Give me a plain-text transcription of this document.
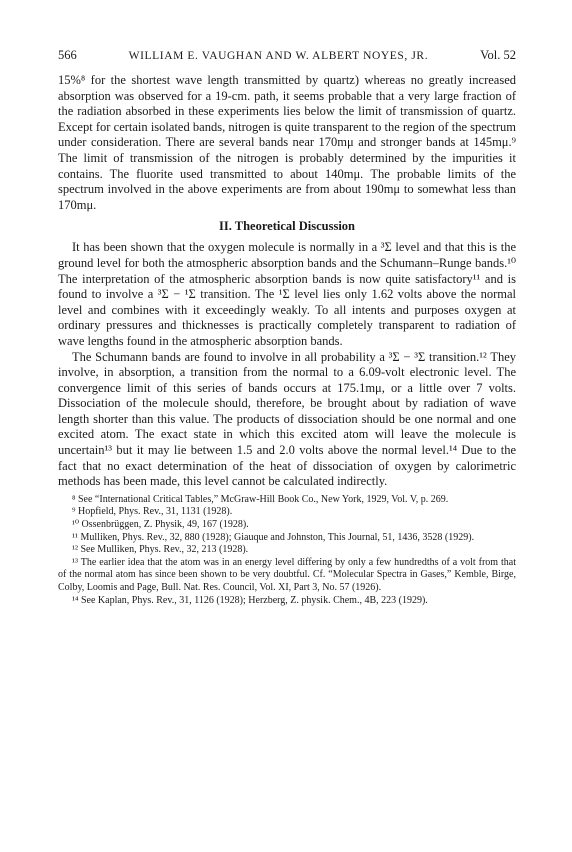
566	WILLIAM E. VAUGHAN AND W. ALBERT NOYES, JR.	Vol. 52

15%⁸ for the shortest wave length transmitted by quartz) whereas no greatly increased absorption was observed for a 19-cm. path, it seems probable that a very large fraction of the radiation absorbed in these experiments lies below the limit of transmission of quartz. Except for certain isolated bands, nitrogen is quite transparent to the region of the spectrum under consideration. There are several bands near 170mμ and stronger bands at 145mμ.⁹ The limit of transmission of the nitrogen is probably determined by the impurities it contains. The fluorite used transmitted to about 140mμ. The probable limits of the spectrum involved in the above experiments are from about 190mμ to somewhat less than 170mμ.

II. Theoretical Discussion

It has been shown that the oxygen molecule is normally in a ³Σ level and that this is the ground level for both the atmospheric absorption bands and the Schumann–Runge bands.¹⁰ The interpretation of the atmospheric absorption bands is now quite satisfactory¹¹ and is found to involve a ³Σ − ¹Σ transition. The ¹Σ level lies only 1.62 volts above the normal level and combines with it exceedingly weakly. To all intents and purposes oxygen at ordinary pressures and thicknesses is practically completely transparent to radiation of wave lengths found in the atmospheric absorption bands.

The Schumann bands are found to involve in all probability a ³Σ − ³Σ transition.¹² They involve, in absorption, a transition from the normal to a 6.09-volt electronic level. The convergence limit of this series of bands occurs at 175.1mμ, or a little over 7 volts. Dissociation of the molecule should, therefore, be brought about by radiation of wave length shorter than this value. The products of dissociation should be one normal and one excited atom. The exact state in which this excited atom will leave the molecule is uncertain¹³ but it may lie between 1.5 and 2.0 volts above the normal level.¹⁴ Due to the fact that no exact determination of the heat of dissociation of oxygen by calorimetric methods has been made, this level cannot be calculated indirectly.

⁸ See “International Critical Tables,” McGraw-Hill Book Co., New York, 1929, Vol. V, p. 269.

⁹ Hopfield, Phys. Rev., 31, 1131 (1928).

¹⁰ Ossenbrüggen, Z. Physik, 49, 167 (1928).

¹¹ Mulliken, Phys. Rev., 32, 880 (1928); Giauque and Johnston, This Journal, 51, 1436, 3528 (1929).

¹² See Mulliken, Phys. Rev., 32, 213 (1928).

¹³ The earlier idea that the atom was in an energy level differing by only a few hundredths of a volt from that of the normal atom has since been shown to be very doubtful. Cf. “Molecular Spectra in Gases,” Kemble, Birge, Colby, Loomis and Page, Bull. Nat. Res. Council, Vol. XI, Part 3, No. 57 (1926).

¹⁴ See Kaplan, Phys. Rev., 31, 1126 (1928); Herzberg, Z. physik. Chem., 4B, 223 (1929).
